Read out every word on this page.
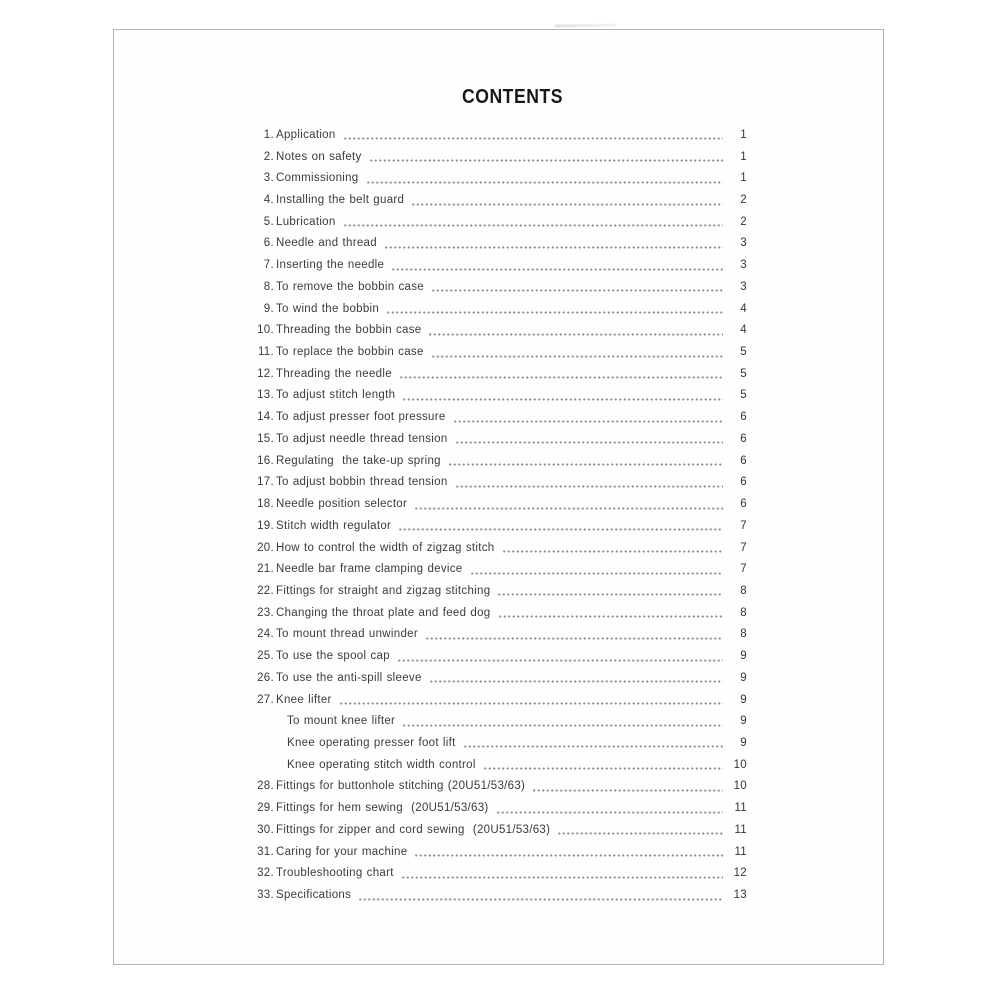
CONTENTS
1. Application	1
2. Notes on safety	1
3. Commissioning	1
4. Installing the belt guard	2
5. Lubrication	2
6. Needle and thread	3
7. Inserting the needle	3
8. To remove the bobbin case	3
9. To wind the bobbin	4
10. Threading the bobbin case	4
11. To replace the bobbin case	5
12. Threading the needle	5
13. To adjust stitch length	5
14. To adjust presser foot pressure	6
15. To adjust needle thread tension	6
16. Regulating  the take-up spring	6
17. To adjust bobbin thread tension	6
18. Needle position selector	6
19. Stitch width regulator	7
20. How to control the width of zigzag stitch	7
21. Needle bar frame clamping device	7
22. Fittings for straight and zigzag stitching	8
23. Changing the throat plate and feed dog	8
24. To mount thread unwinder	8
25. To use the spool cap	9
26. To use the anti-spill sleeve	9
27. Knee lifter	9
To mount knee lifter	9
Knee operating presser foot lift	9
Knee operating stitch width control	10
28. Fittings for buttonhole stitching (20U51/53/63)	10
29. Fittings for hem sewing  (20U51/53/63)	11
30. Fittings for zipper and cord sewing  (20U51/53/63)	11
31. Caring for your machine	11
32. Troubleshooting chart	12
33. Specifications	13
